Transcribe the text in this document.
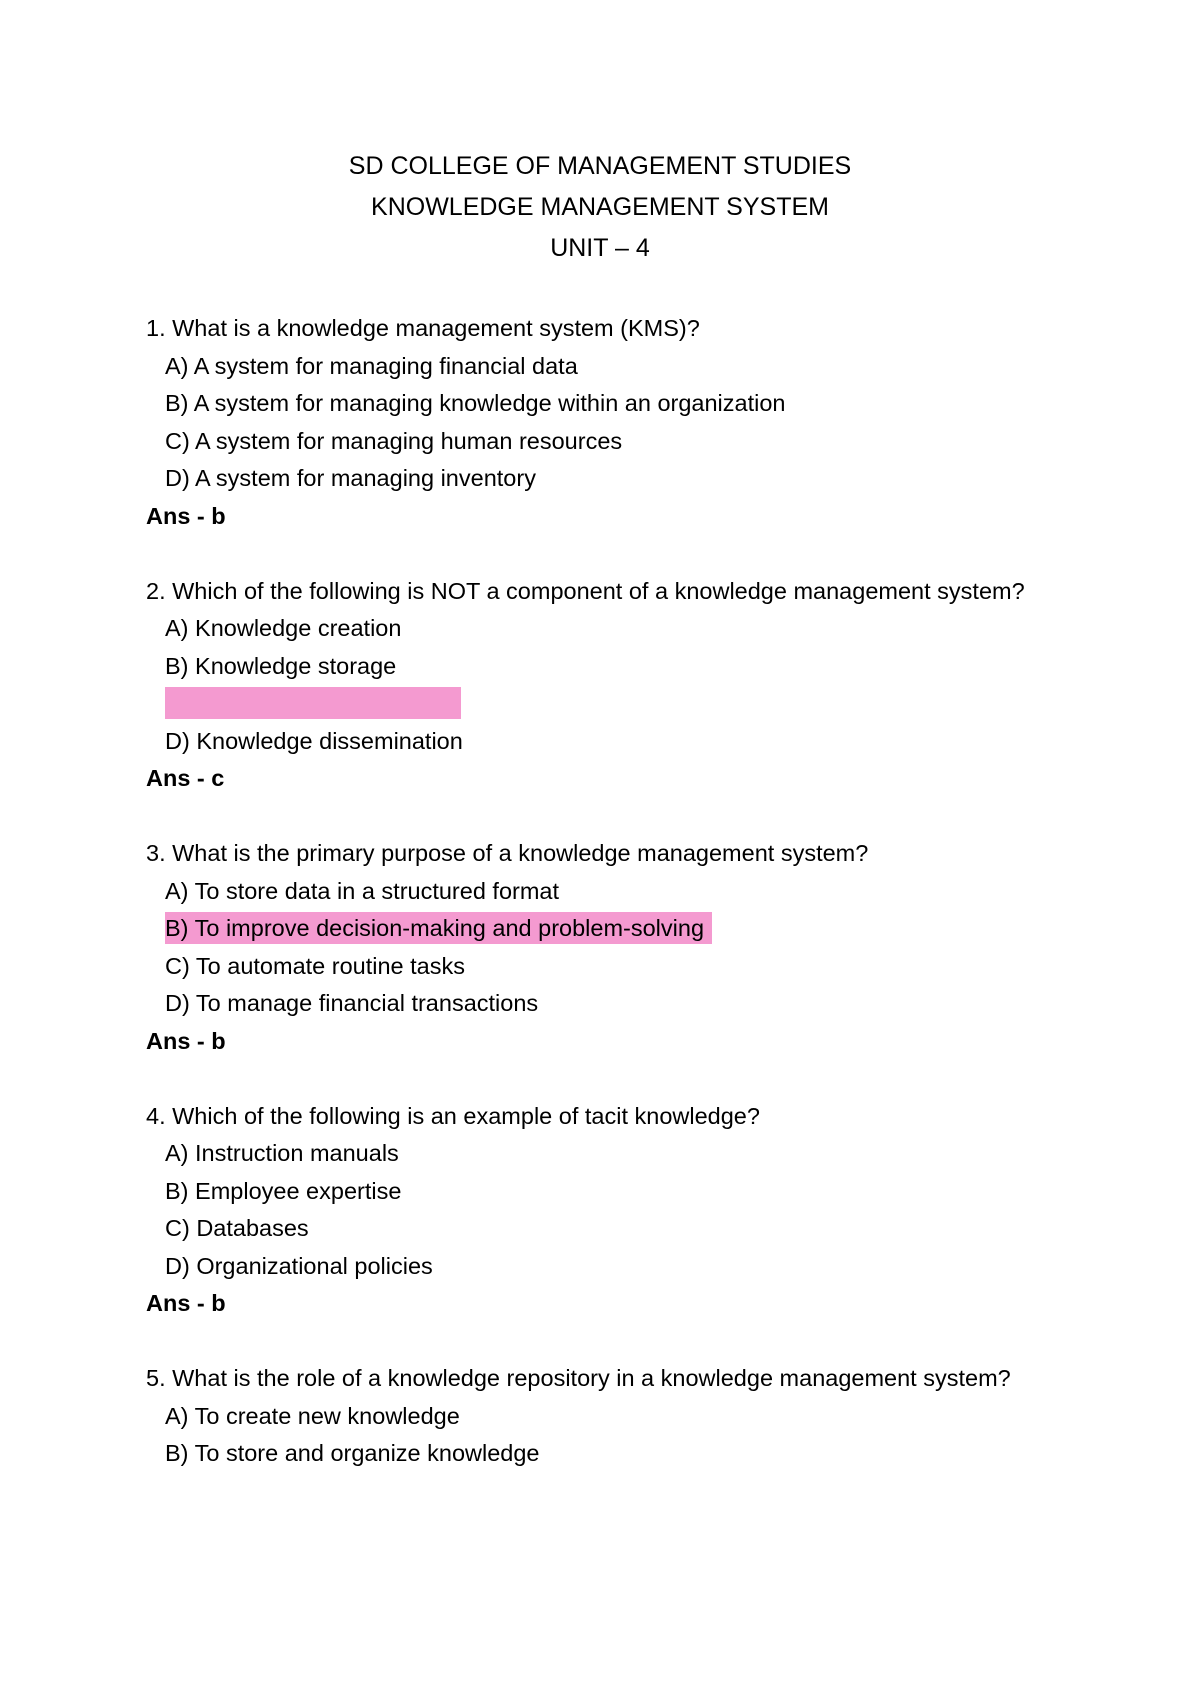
SD COLLEGE OF MANAGEMENT STUDIES
KNOWLEDGE MANAGEMENT SYSTEM
UNIT – 4
1. What is a knowledge management system (KMS)?
A) A system for managing financial data
B) A system for managing knowledge within an organization
C) A system for managing human resources
D) A system for managing inventory
Ans - b
2. Which of the following is NOT a component of a knowledge management system?
A) Knowledge creation
B) Knowledge storage
D) Knowledge dissemination
Ans - c
3. What is the primary purpose of a knowledge management system?
A) To store data in a structured format
B) To improve decision-making and problem-solving
C) To automate routine tasks
D) To manage financial transactions
Ans - b
4. Which of the following is an example of tacit knowledge?
A) Instruction manuals
B) Employee expertise
C) Databases
D) Organizational policies
Ans - b
5. What is the role of a knowledge repository in a knowledge management system?
A) To create new knowledge
B) To store and organize knowledge
